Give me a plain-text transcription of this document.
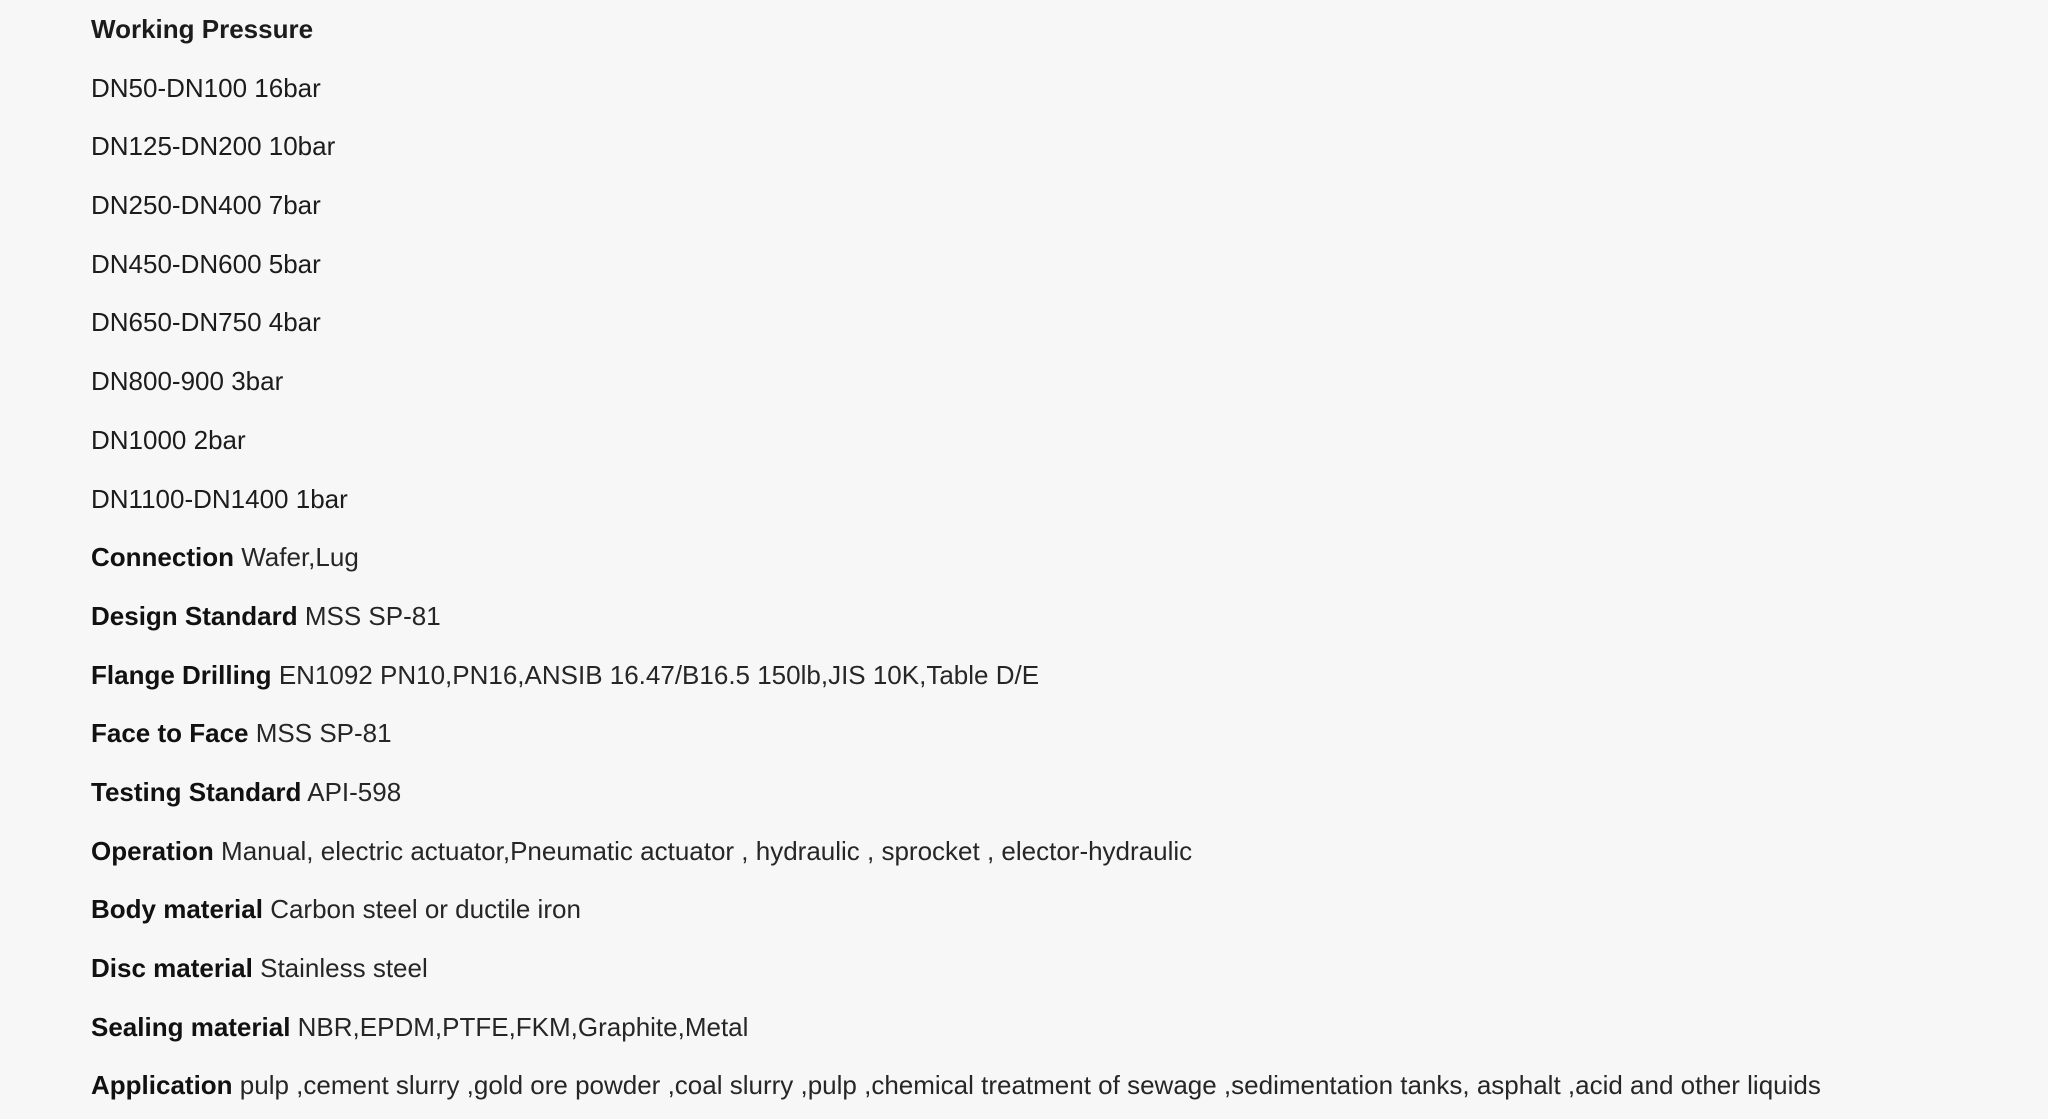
Working Pressure

DN50-DN100 16bar

DN125-DN200 10bar

DN250-DN400 7bar

DN450-DN600 5bar

DN650-DN750 4bar

DN800-900 3bar

DN1000 2bar

DN1100-DN1400 1bar

Connection Wafer,Lug

Design Standard MSS SP-81

Flange Drilling EN1092 PN10,PN16,ANSIB 16.47/B16.5 150lb,JIS 10K,Table D/E

Face to Face MSS SP-81

Testing Standard API-598

Operation Manual, electric actuator,Pneumatic actuator , hydraulic , sprocket , elector-hydraulic

Body material Carbon steel or ductile iron

Disc material Stainless steel

Sealing material NBR,EPDM,PTFE,FKM,Graphite,Metal

Application pulp ,cement slurry ,gold ore powder ,coal slurry ,pulp ,chemical treatment of sewage ,sedimentation tanks, asphalt ,acid and other liquids
